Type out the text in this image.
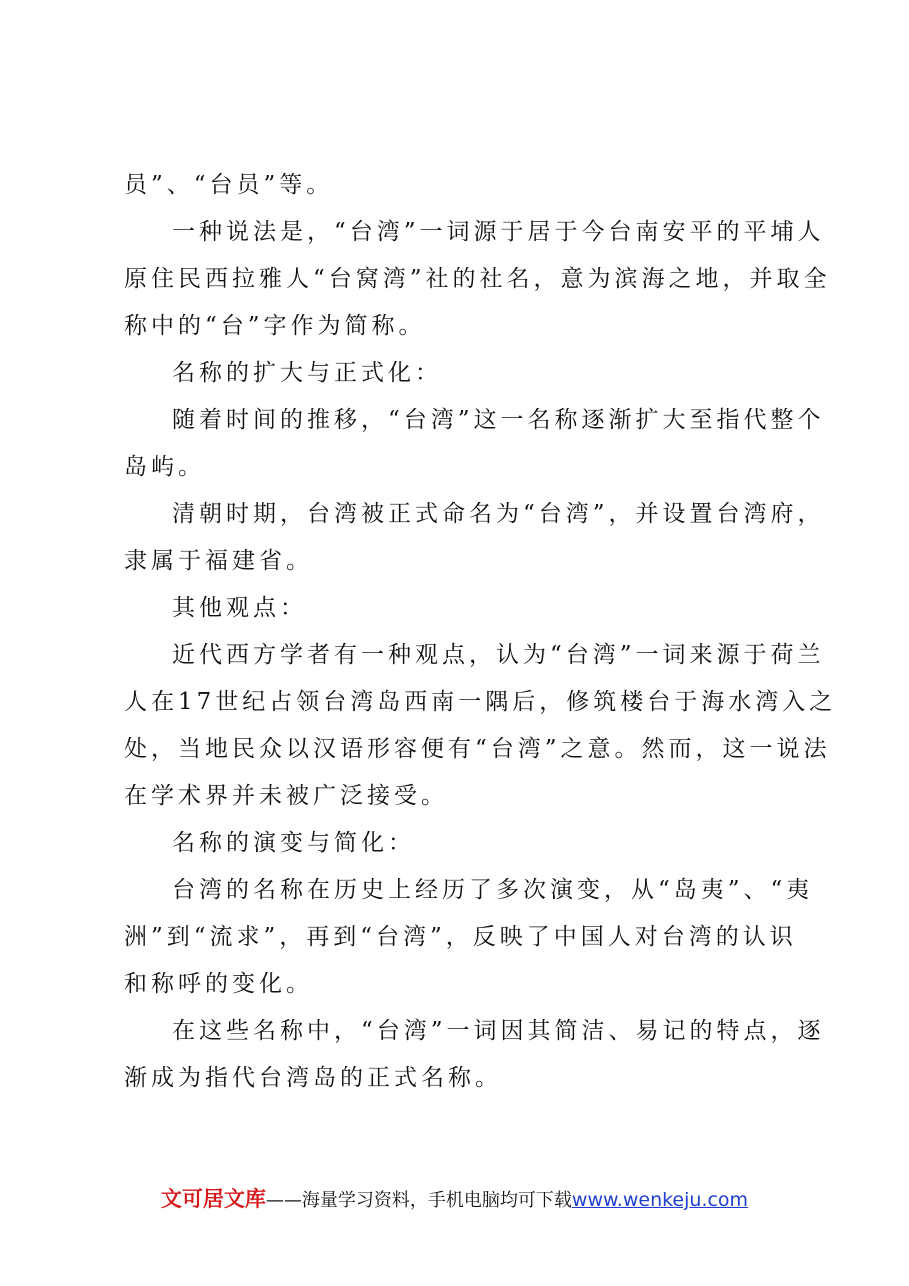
员”、“台员”等。

一种说法是，“台湾”一词源于居于今台南安平的平埔人
原住民西拉雅人“台窝湾”社的社名，意为滨海之地，并取全
称中的“台”字作为简称。

名称的扩大与正式化：

随着时间的推移，“台湾”这一名称逐渐扩大至指代整个
岛屿。

清朝时期，台湾被正式命名为“台湾”，并设置台湾府，
隶属于福建省。

其他观点：

近代西方学者有一种观点，认为“台湾”一词来源于荷兰
人在17世纪占领台湾岛西南一隅后，修筑楼台于海水湾入之
处，当地民众以汉语形容便有“台湾”之意。然而，这一说法
在学术界并未被广泛接受。

名称的演变与简化：

台湾的名称在历史上经历了多次演变，从“岛夷”、“夷
洲”到“流求”，再到“台湾”，反映了中国人对台湾的认识
和称呼的变化。

在这些名称中，“台湾”一词因其简洁、易记的特点，逐
渐成为指代台湾岛的正式名称。

文可居文库——海量学习资料，手机电脑均可下载www.wenkeju.com
